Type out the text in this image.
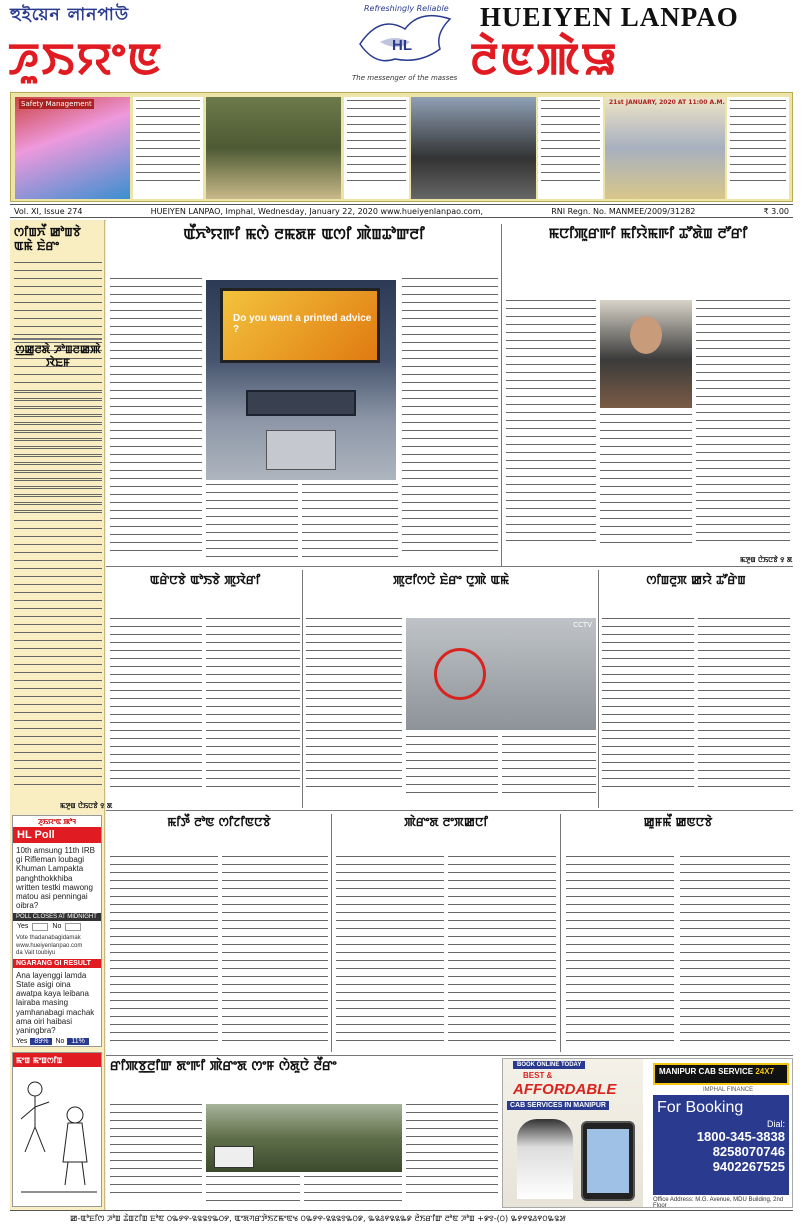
হুইয়েন লানপাউ	HUEIYEN LANPAO
ꯍꯨꯏꯌꯦꯟ	ꯂꯥꯟꯄꯥꯎ
HL
Refreshingly Reliable
The messenger of the masses
Safety Management	21st JANUARY, 2020 AT 11:00 A.M.
Vol. XI, Issue 274	HUEIYEN LANPAO, Imphal, Wednesday, January 22, 2020 www.hueiyenlanpao.com,	RNI Regn. No. MANMEE/2009/31282	₹ 3.00
ꯁꯤꯡꯈꯩ ꯀꯣꯡꯕꯥ ꯑꯃꯥ ꯐꯥꯔꯦ
ꯁ꯭ꯀꯨꯂꯗꯥ ꯍꯣꯡꯂꯀꯄꯥ ꯋꯥꯐꯝ
ꯃꯇꯨꯡ ꯅꯥꯏꯅꯕꯥ ꯱ ꯗ
ꯍꯨꯏꯌꯦꯟ ꯄꯣꯜ
HL Poll
10th amsung 11th IRB gi Rifleman loubagi Khuman Lampakta panghthokkhiba written testki mawong matou asi penningai oibra?
POLL CLOSES AT MIDNIGHT
Yes	No
Vote thadanabagidamak
www.hueiyenlanpao.com
da Vait toubiyu
NGARANG GI RESULT
Ana layenggi lamda State asigi oina awatpa kaya leibana lairaba masing yamhanabagi machak ama oiri haibasi yaningbra?
Yes	89%	No	11%
ꯃꯦꯡ ꯃꯦꯡꯁꯤꯡ
ꯑꯩꯈꯣꯌꯒꯤ ꯃꯁꯥ ꯂꯃꯗꯝ ꯑꯁꯤ ꯄꯥꯡꯊꯣꯛꯂꯤ
Do you want a printed advice ?
ꯃꯅꯤꯄꯨꯔꯒꯤ ꯃꯤꯌꯥꯃꯒꯤ ꯊꯧꯗꯥꯡ ꯂꯧꯔꯤ
ꯃꯇꯨꯡ ꯅꯥꯏꯅꯕꯥ ꯱ ꯗ
ꯑꯔꯥꯅꯕꯥ ꯑꯣꯏꯕꯥ ꯄꯨꯋꯥꯔꯤ	ꯄꯨꯂꯤꯁꯅꯥ ꯐꯥꯔꯦ ꯅꯨꯄꯥ ꯑꯃꯥ
CCTV
ꯁꯤꯡꯂꯨꯞ ꯀꯌꯥ ꯊꯧꯔꯥꯡ
ꯃꯤꯇꯩ ꯂꯣꯟ ꯁꯤꯖꯤꯟꯅꯕꯥ	ꯄꯥꯔꯦꯗ ꯂꯦꯞꯀꯅꯤ	ꯀꯨꯝꯃꯩ ꯀꯟꯅꯕꯥ
ꯔꯤꯄꯕ꯭ꯂꯤꯛ ꯗꯦꯒꯤ ꯄꯥꯔꯦꯗ ꯁꯦꯝ ꯁꯥꯗꯨꯅꯥ ꯂꯩꯔꯦ	BOOK ONLINE TODAY
BEST &
AFFORDABLE
CAB SERVICES IN MANIPUR
MANIPUR CAB SERVICE 24X7
IMPHAL FINANCE
For Booking
Dial:
1800-345-3838
8258070746
9402267525
Office Address: M.G. Avenue, MDU Building, 2nd Floor
ꯀ-ꯑꯣꯐꯤꯁ ꯍꯣꯡ ꯊꯥꯡꯖꯤꯡ ꯐꯣꯟ ꯰꯳꯸꯵-꯲꯲꯲꯱꯳꯰꯸, ꯑꯦꯗꯚꯔꯇꯥꯏꯖꯃꯦꯟꯠ ꯰꯳꯸꯵-꯲꯲꯲꯱꯳꯰꯹, ꯳꯲꯴꯵꯲꯲꯳꯹ ꯂꯥꯏꯔꯤꯛ ꯂꯣꯟ ꯍꯣꯡ +꯹꯱-(꯰) ꯳꯸꯵꯲꯴꯵꯰꯳꯲꯷
